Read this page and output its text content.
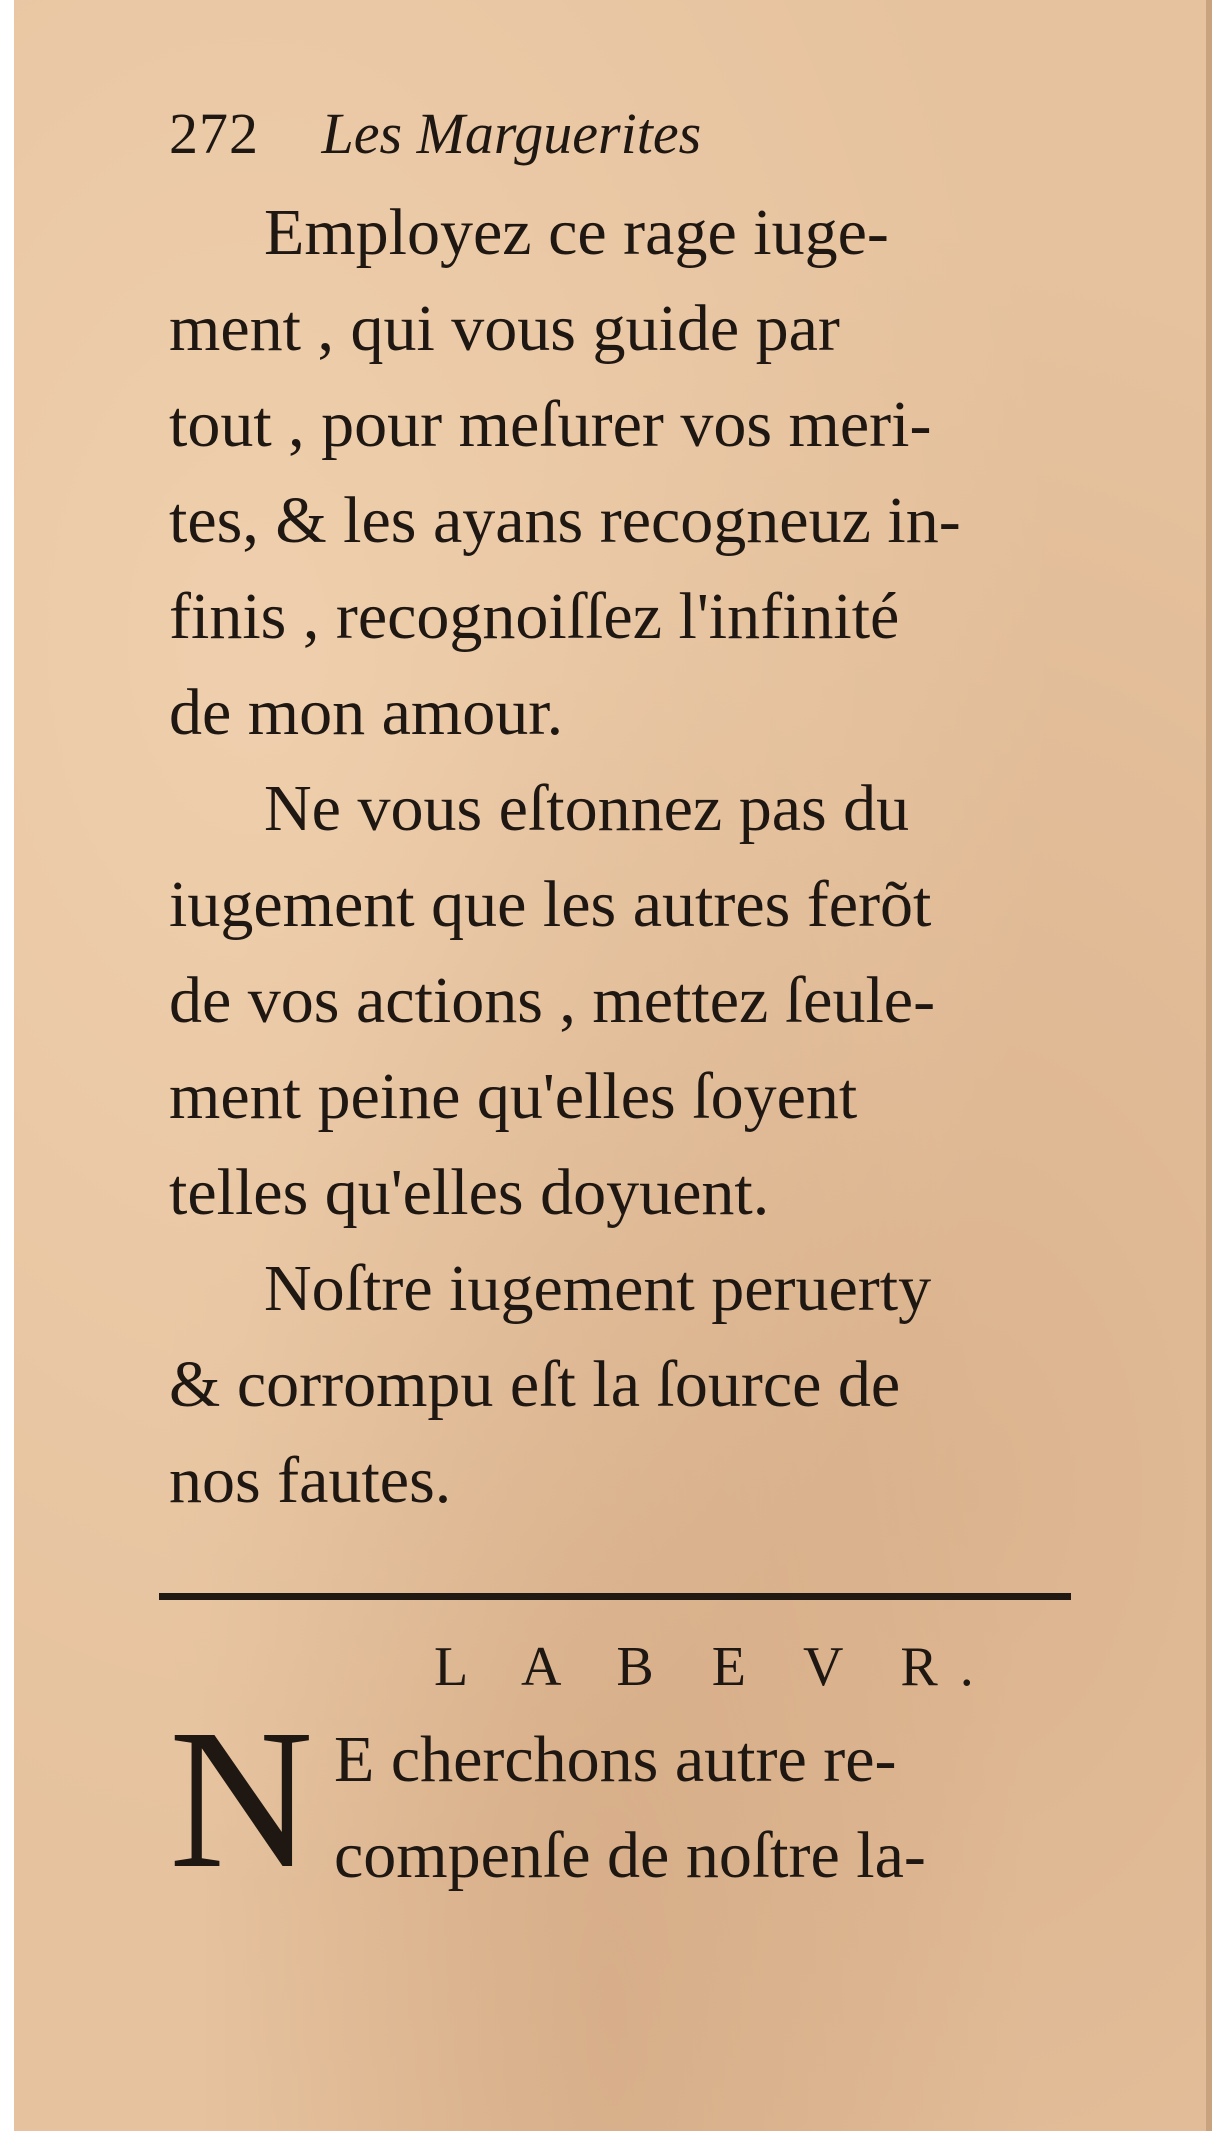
272 Les Marguerites
Employez ce rage iuge-
ment , qui vous guide par
tout , pour meſurer vos meri-
tes, & les ayans recogneuz in-
finis , recognoiſſez l'infinité
de mon amour.
Ne vous eſtonnez pas du
iugement que les autres ferõt
de vos actions , mettez ſeule-
ment peine qu'elles ſoyent
telles qu'elles doyuent.
Noſtre iugement peruerty
& corrompu eſt la ſource de
nos fautes.
L A B E V R.
N E cherchons autre re-
compenſe de noſtre la-
